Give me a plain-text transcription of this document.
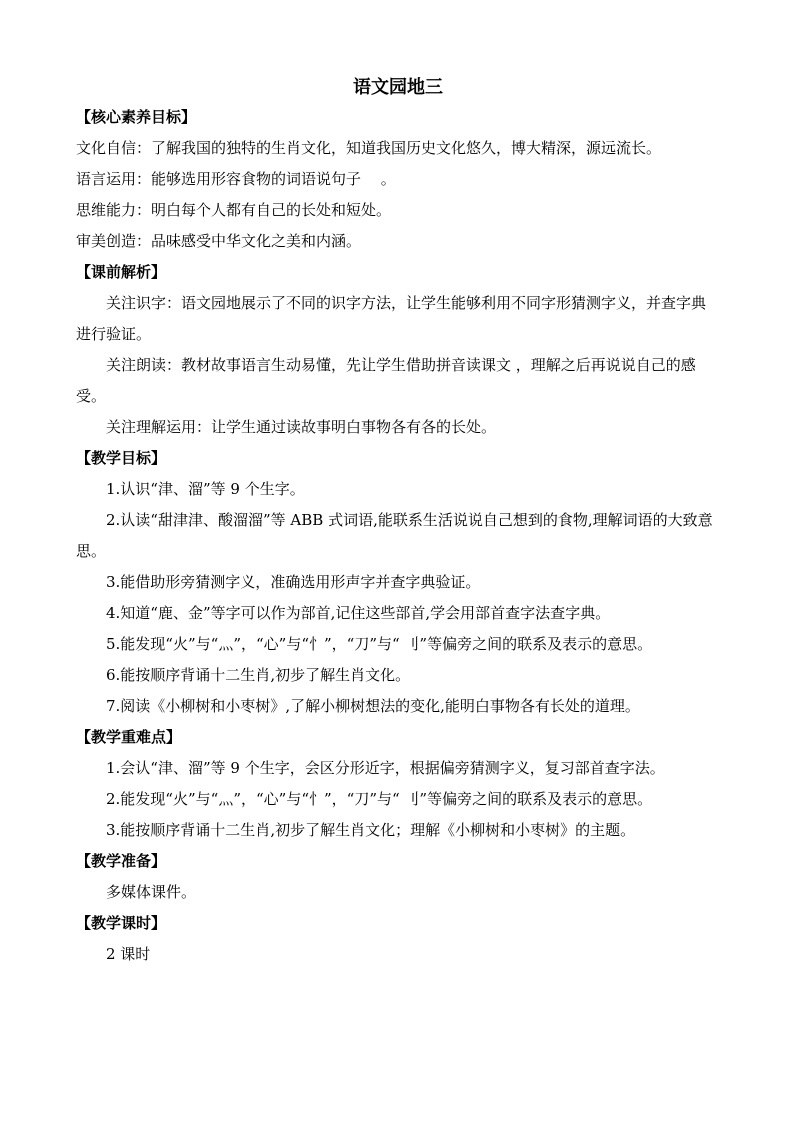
语文园地三
【核心素养目标】
文化自信：了解我国的独特的生肖文化，知道我国历史文化悠久，博大精深，源远流长。
语言运用：能够选用形容食物的词语说句子 　。
思维能力：明白每个人都有自己的长处和短处。
审美创造：品味感受中华文化之美和内涵。
【课前解析】

关注识字：语文园地展示了不同的识字方法，让学生能够利用不同字形猜测字义，并查字典进行验证。

关注朗读：教材故事语言生动易懂，先让学生借助拼音读课文 ，理解之后再说说自己的感受。

关注理解运用：让学生通过读故事明白事物各有各的长处。

【教学目标】

1.认识“津、溜”等 9 个生字。

2.认读“甜津津、酸溜溜”等 ABB 式词语,能联系生活说说自己想到的食物,理解词语的大致意思。

3.能借助形旁猜测字义，准确选用形声字并查字典验证。

4.知道“鹿、金”等字可以作为部首,记住这些部首,学会用部首查字法查字典。

5.能发现“火”与“灬”，“心”与“忄”，“刀”与“ 刂”等偏旁之间的联系及表示的意思。

6.能按顺序背诵十二生肖,初步了解生肖文化。

7.阅读《小柳树和小枣树》,了解小柳树想法的变化,能明白事物各有长处的道理。

【教学重难点】

1.会认“津、溜”等 9 个生字，会区分形近字，根据偏旁猜测字义，复习部首查字法。

2.能发现“火”与“灬”，“心”与“忄”，“刀”与“ 刂”等偏旁之间的联系及表示的意思。

3.能按顺序背诵十二生肖,初步了解生肖文化；理解《小柳树和小枣树》的主题。

【教学准备】
多媒体课件。
【教学课时】
2 课时
